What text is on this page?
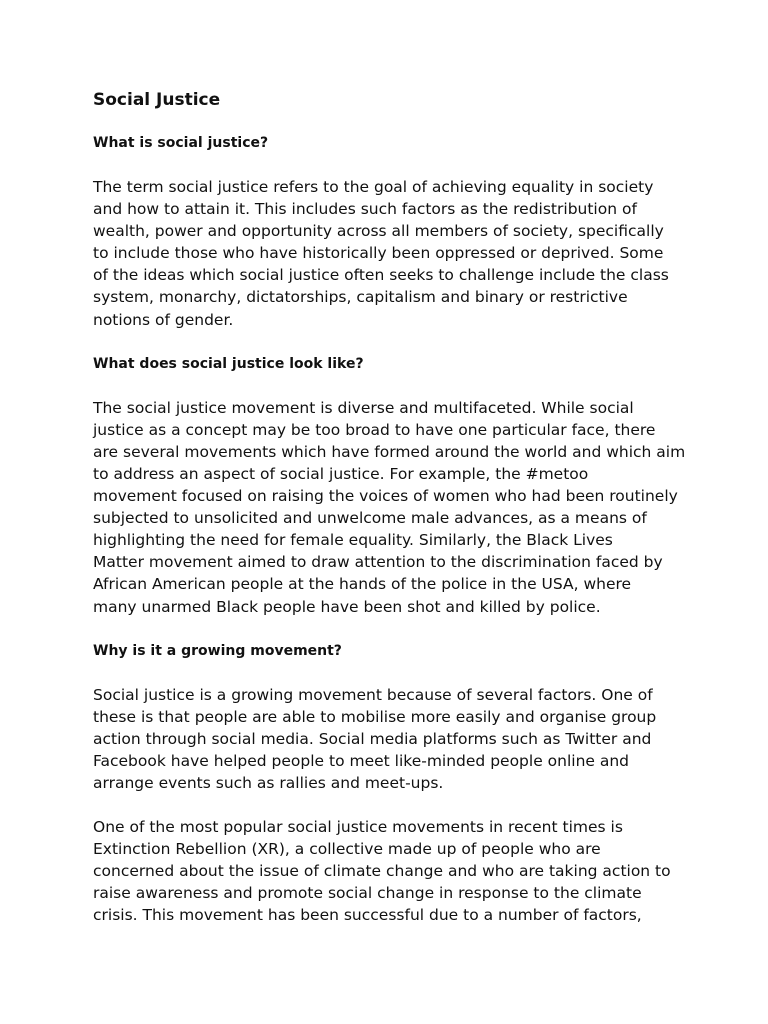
Social Justice
What is social justice?
The term social justice refers to the goal of achieving equality in society
and how to attain it. This includes such factors as the redistribution of
wealth, power and opportunity across all members of society, specifically
to include those who have historically been oppressed or deprived. Some
of the ideas which social justice often seeks to challenge include the class
system, monarchy, dictatorships, capitalism and binary or restrictive
notions of gender.
What does social justice look like?
The social justice movement is diverse and multifaceted. While social
justice as a concept may be too broad to have one particular face, there
are several movements which have formed around the world and which aim
to address an aspect of social justice. For example, the #metoo
movement focused on raising the voices of women who had been routinely
subjected to unsolicited and unwelcome male advances, as a means of
highlighting the need for female equality. Similarly, the Black Lives
Matter movement aimed to draw attention to the discrimination faced by
African American people at the hands of the police in the USA, where
many unarmed Black people have been shot and killed by police.
Why is it a growing movement?
Social justice is a growing movement because of several factors. One of
these is that people are able to mobilise more easily and organise group
action through social media. Social media platforms such as Twitter and
Facebook have helped people to meet like-minded people online and
arrange events such as rallies and meet-ups.
One of the most popular social justice movements in recent times is
Extinction Rebellion (XR), a collective made up of people who are
concerned about the issue of climate change and who are taking action to
raise awareness and promote social change in response to the climate
crisis. This movement has been successful due to a number of factors,
